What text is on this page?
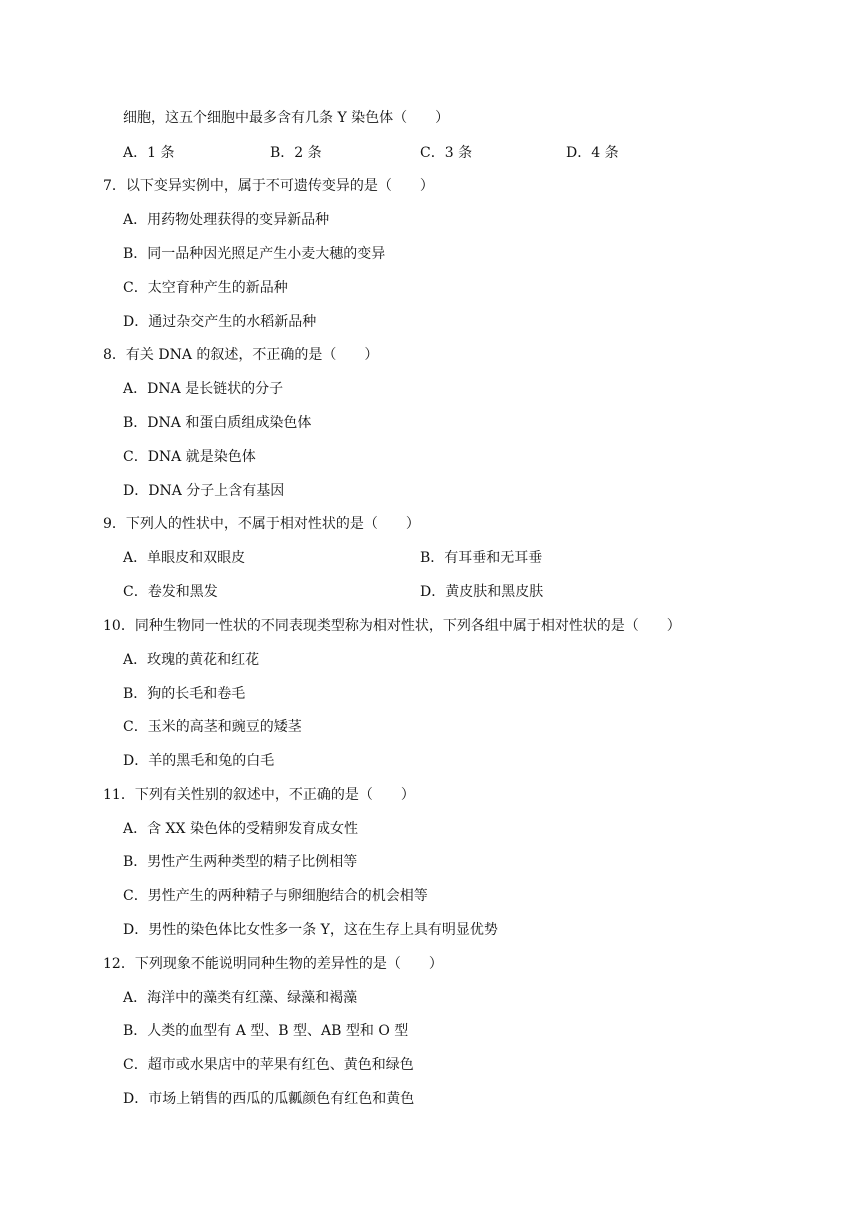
细胞，这五个细胞中最多含有几条 Y 染色体（　　）
A．1 条	B．2 条	C．3 条	D．4 条
7．以下变异实例中，属于不可遗传变异的是（　　）
A．用药物处理获得的变异新品种
B．同一品种因光照足产生小麦大穗的变异
C．太空育种产生的新品种
D．通过杂交产生的水稻新品种
8．有关 DNA 的叙述，不正确的是（　　）
A．DNA 是长链状的分子
B．DNA 和蛋白质组成染色体
C．DNA 就是染色体
D．DNA 分子上含有基因
9．下列人的性状中，不属于相对性状的是（　　）
A．单眼皮和双眼皮	B．有耳垂和无耳垂
C．卷发和黑发	D．黄皮肤和黑皮肤
10．同种生物同一性状的不同表现类型称为相对性状，下列各组中属于相对性状的是（　　）
A．玫瑰的黄花和红花
B．狗的长毛和卷毛
C．玉米的高茎和豌豆的矮茎
D．羊的黑毛和兔的白毛
11．下列有关性别的叙述中，不正确的是（　　）
A．含 XX 染色体的受精卵发育成女性
B．男性产生两种类型的精子比例相等
C．男性产生的两种精子与卵细胞结合的机会相等
D．男性的染色体比女性多一条 Y，这在生存上具有明显优势
12．下列现象不能说明同种生物的差异性的是（　　）
A．海洋中的藻类有红藻、绿藻和褐藻
B．人类的血型有 A 型、B 型、AB 型和 O 型
C．超市或水果店中的苹果有红色、黄色和绿色
D．市场上销售的西瓜的瓜瓤颜色有红色和黄色
